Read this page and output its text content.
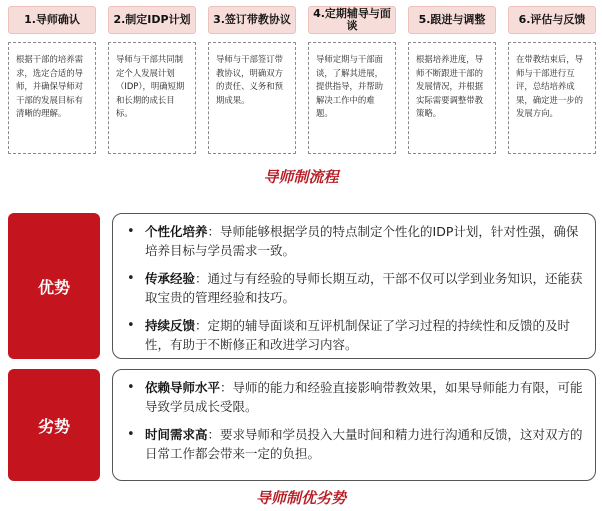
1.导师确认
根据干部的培养需求，选定合适的导师，并确保导师对干部的发展目标有清晰的理解。
2.制定IDP计划
导师与干部共同制定个人发展计划（IDP），明确短期和长期的成长目标。
3.签订带教协议
导师与干部签订带教协议，明确双方的责任、义务和预期成果。
4.定期辅导与面谈
导师定期与干部面谈，了解其进展，提供指导，并帮助解决工作中的难题。
5.跟进与调整
根据培养进度，导师不断跟进干部的发展情况，并根据实际需要调整带教策略。
6.评估与反馈
在带教结束后，导师与干部进行互评，总结培养成果，确定进一步的发展方向。
导师制流程
优势
• 个性化培养：导师能够根据学员的特点制定个性化的IDP计划，针对性强，确保培养目标与学员需求一致。
• 传承经验：通过与有经验的导师长期互动，干部不仅可以学到业务知识，还能获取宝贵的管理经验和技巧。
• 持续反馈：定期的辅导面谈和互评机制保证了学习过程的持续性和反馈的及时性，有助于不断修正和改进学习内容。
劣势
• 依赖导师水平：导师的能力和经验直接影响带教效果，如果导师能力有限，可能导致学员成长受限。
• 时间需求高：要求导师和学员投入大量时间和精力进行沟通和反馈，这对双方的日常工作都会带来一定的负担。
导师制优劣势
